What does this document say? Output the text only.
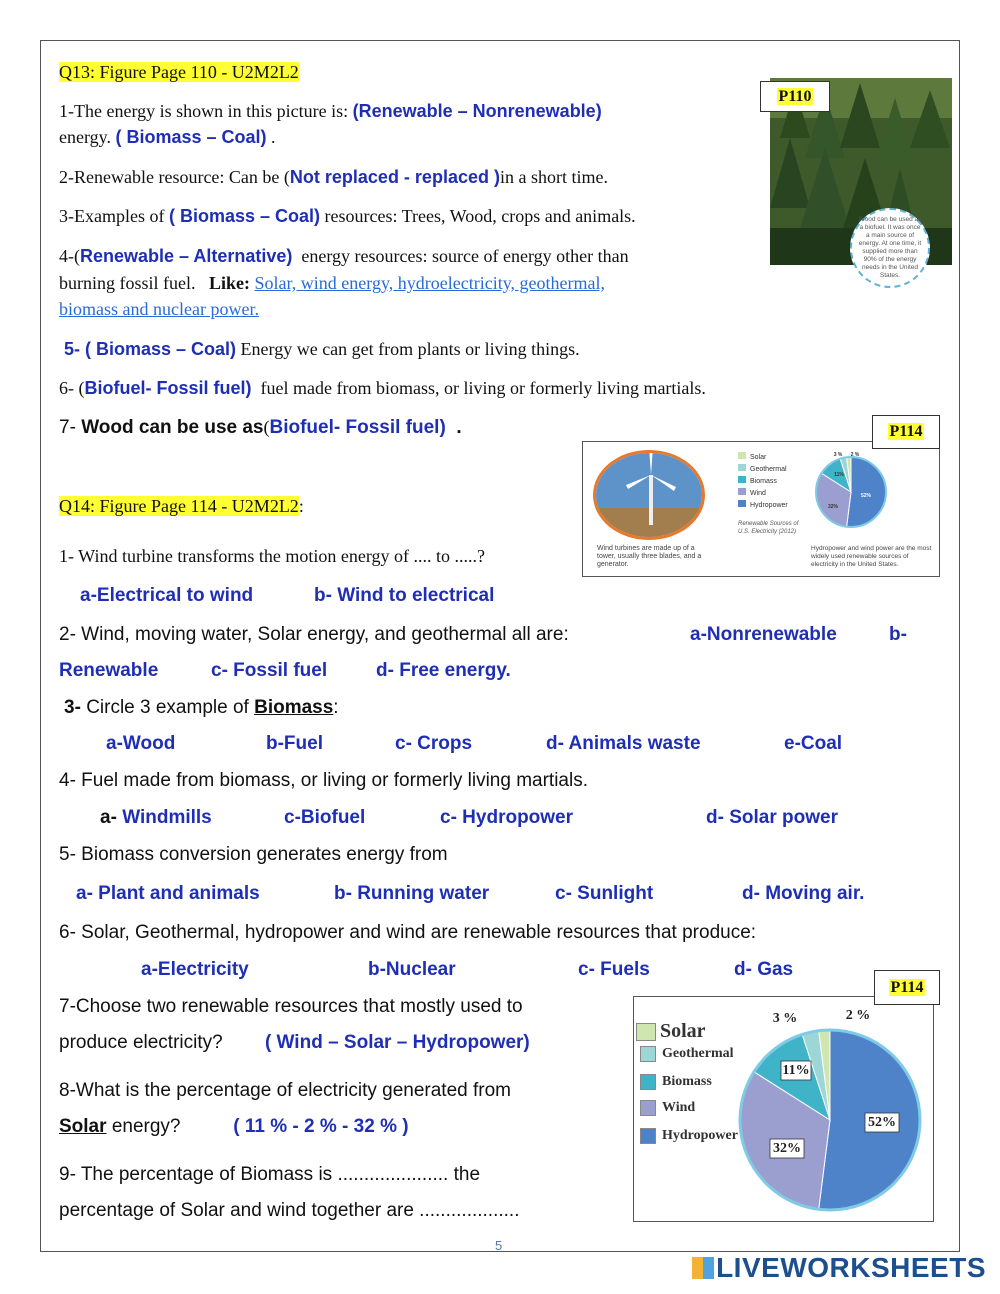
Q13: Figure Page 110 - U2M2L2
1-The energy is shown in this picture is: (Renewable – Nonrenewable)
energy. ( Biomass – Coal) .
2-Renewable resource: Can be (Not replaced - replaced )in a short time.
3-Examples of ( Biomass – Coal) resources: Trees, Wood, crops and animals.
4-(Renewable – Alternative) energy resources: source of energy other than
burning fossil fuel. Like: Solar, wind energy, hydroelectricity, geothermal,
biomass and nuclear power.
5- ( Biomass – Coal) Energy we can get from plants or living things.
6- (Biofuel- Fossil fuel) fuel made from biomass, or living or formerly living martials.
7- Wood can be use as(Biofuel- Fossil fuel) .
Wood can be used as a biofuel. It was once a main source of energy. At one time, it supplied more than 90% of the energy needs in the United States.
P110
Wind turbines are made up of a tower, usually three blades, and a generator.
Solar
Geothermal
Biomass
Wind
Hydropower
Renewable Sources of U.S. Electricity (2012)
52%
32%
11%
3 % 2 %
Hydropower and wind power are the most widely used renewable sources of electricity in the United States.
P114
Q14: Figure Page 114 - U2M2L2:
1- Wind turbine transforms the motion energy of .... to .....?
a-Electrical to wind	b- Wind to electrical
2- Wind, moving water, Solar energy, and geothermal all are:	a-Nonrenewable	b-
Renewable	c- Fossil fuel	d- Free energy.
3- Circle 3 example of Biomass:
a-Wood	b-Fuel	c- Crops	d- Animals waste	e-Coal
4- Fuel made from biomass, or living or formerly living martials.
a- Windmills	c-Biofuel	c- Hydropower	d- Solar power
5- Biomass conversion generates energy from
a- Plant and animals	b- Running water	c- Sunlight	d- Moving air.
6- Solar, Geothermal, hydropower and wind are renewable resources that produce:
a-Electricity	b-Nuclear	c- Fuels	d- Gas
7-Choose two renewable resources that mostly used to
produce electricity? ( Wind – Solar – Hydropower)
8-What is the percentage of electricity generated from
Solar energy?	( 11 % - 2 % - 32 % )
9- The percentage of Biomass is ..................... the
percentage of Solar and wind together are ...................
Solar
Geothermal
Biomass
Wind
Hydropower
52%
32%
11%
3 %	2 %
P114
5
LIVEWORKSHEETS
